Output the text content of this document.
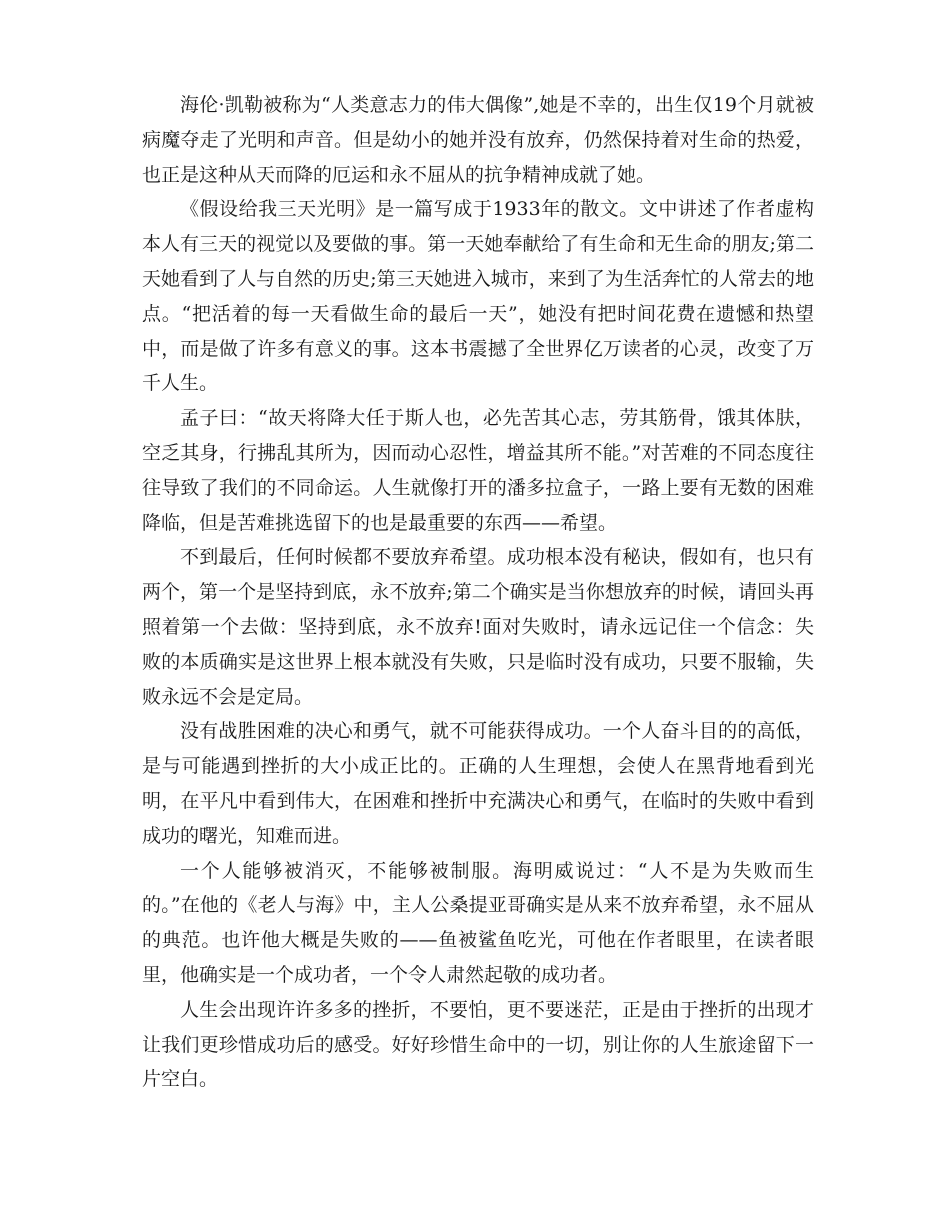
海伦·凯勒被称为“人类意志力的伟大偶像”,她是不幸的，出生仅19个月就被病魔夺走了光明和声音。但是幼小的她并没有放弃，仍然保持着对生命的热爱，也正是这种从天而降的厄运和永不屈从的抗争精神成就了她。

《假设给我三天光明》是一篇写成于1933年的散文。文中讲述了作者虚构本人有三天的视觉以及要做的事。第一天她奉献给了有生命和无生命的朋友;第二天她看到了人与自然的历史;第三天她进入城市，来到了为生活奔忙的人常去的地点。“把活着的每一天看做生命的最后一天”，她没有把时间花费在遗憾和热望中，而是做了许多有意义的事。这本书震撼了全世界亿万读者的心灵，改变了万千人生。

孟子曰：“故天将降大任于斯人也，必先苦其心志，劳其筋骨，饿其体肤，空乏其身，行拂乱其所为，因而动心忍性，增益其所不能。”对苦难的不同态度往往导致了我们的不同命运。人生就像打开的潘多拉盒子，一路上要有无数的困难降临，但是苦难挑选留下的也是最重要的东西——希望。

不到最后，任何时候都不要放弃希望。成功根本没有秘诀，假如有，也只有两个，第一个是坚持到底，永不放弃;第二个确实是当你想放弃的时候，请回头再照着第一个去做：坚持到底，永不放弃!面对失败时，请永远记住一个信念：失败的本质确实是这世界上根本就没有失败，只是临时没有成功，只要不服输，失败永远不会是定局。

没有战胜困难的决心和勇气，就不可能获得成功。一个人奋斗目的的高低，是与可能遇到挫折的大小成正比的。正确的人生理想，会使人在黑背地看到光明，在平凡中看到伟大，在困难和挫折中充满决心和勇气，在临时的失败中看到成功的曙光，知难而进。

一个人能够被消灭，不能够被制服。海明威说过：“人不是为失败而生的。”在他的《老人与海》中，主人公桑提亚哥确实是从来不放弃希望，永不屈从的典范。也许他大概是失败的——鱼被鲨鱼吃光，可他在作者眼里，在读者眼里，他确实是一个成功者，一个令人肃然起敬的成功者。

人生会出现许许多多的挫折，不要怕，更不要迷茫，正是由于挫折的出现才让我们更珍惜成功后的感受。好好珍惜生命中的一切，别让你的人生旅途留下一片空白。
